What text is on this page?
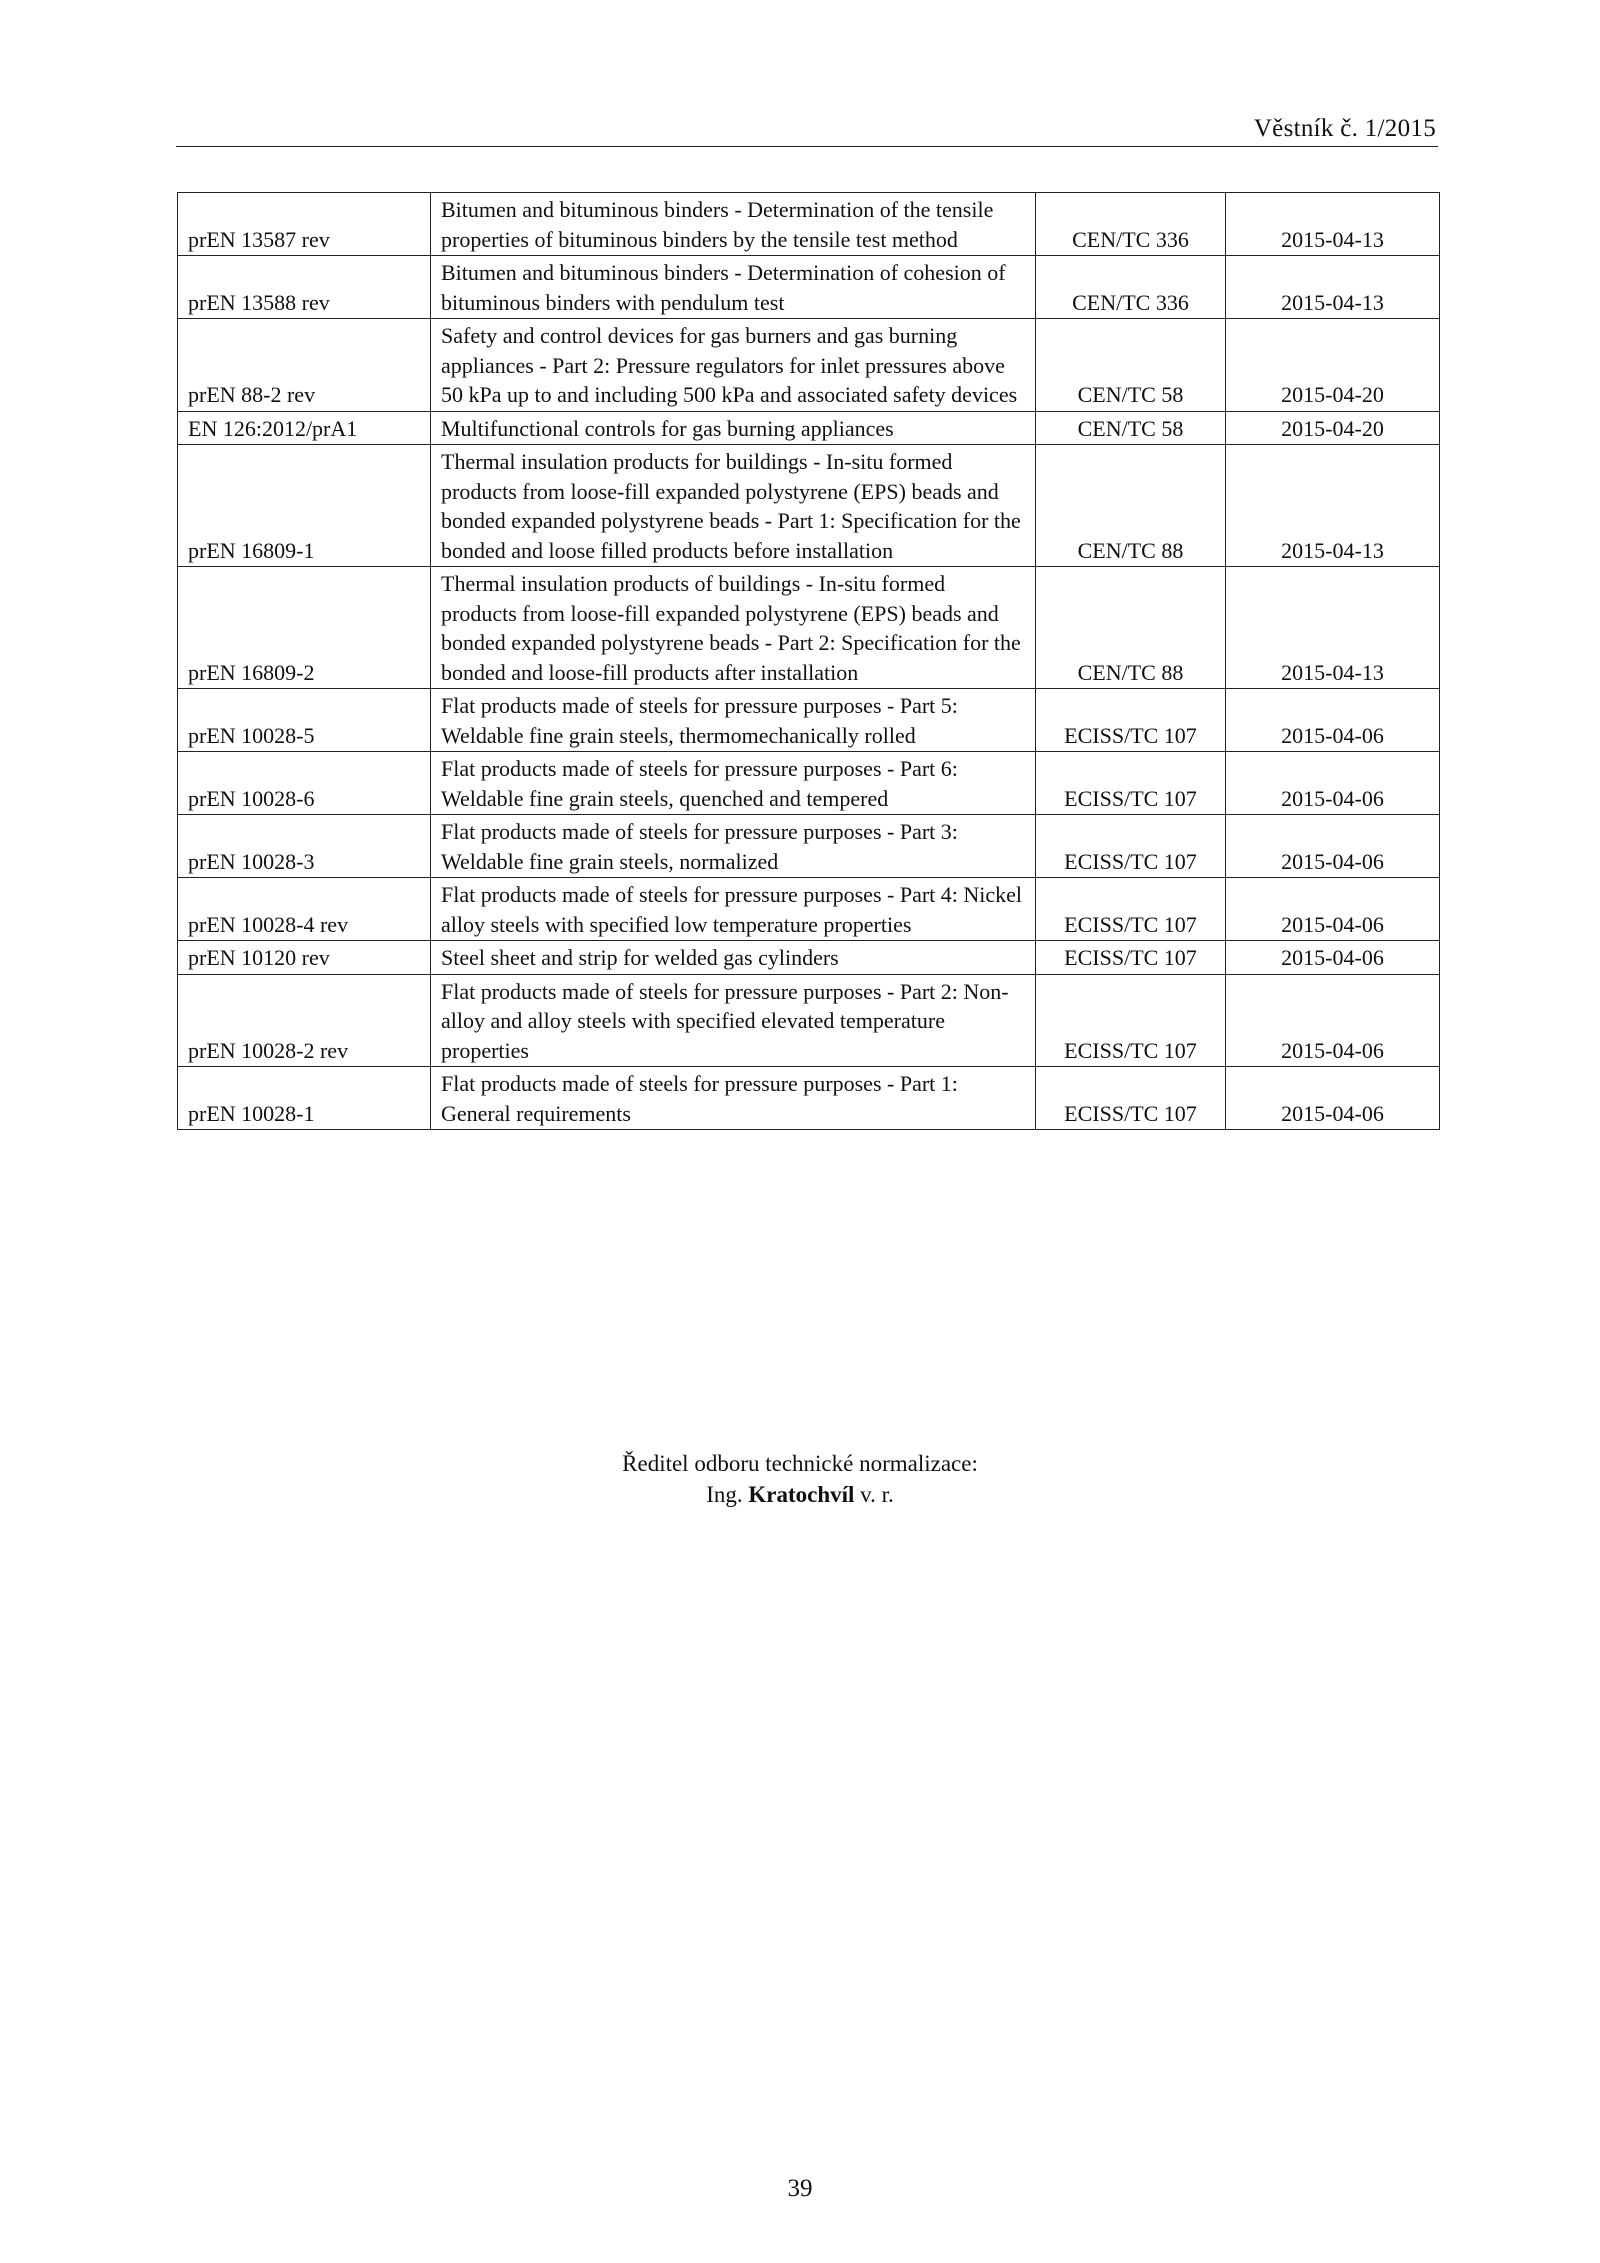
Věstník č. 1/2015
prEN 13587 rev	Bitumen and bituminous binders - Determination of the tensile properties of bituminous binders by the tensile test method	CEN/TC 336	2015-04-13
prEN 13588 rev	Bitumen and bituminous binders - Determination of cohesion of bituminous binders with pendulum test	CEN/TC 336	2015-04-13
prEN 88-2 rev	Safety and control devices for gas burners and gas burning appliances - Part 2: Pressure regulators for inlet pressures above 50 kPa up to and including 500 kPa and associated safety devices	CEN/TC 58	2015-04-20
EN 126:2012/prA1	Multifunctional controls for gas burning appliances	CEN/TC 58	2015-04-20
prEN 16809-1	Thermal insulation products for buildings - In-situ formed products from loose-fill expanded polystyrene (EPS) beads and bonded expanded polystyrene beads - Part 1: Specification for the bonded and loose filled products before installation	CEN/TC 88	2015-04-13
prEN 16809-2	Thermal insulation products of buildings - In-situ formed products from loose-fill expanded polystyrene (EPS) beads and bonded expanded polystyrene beads - Part 2: Specification for the bonded and loose-fill products after installation	CEN/TC 88	2015-04-13
prEN 10028-5	Flat products made of steels for pressure purposes - Part 5: Weldable fine grain steels, thermomechanically rolled	ECISS/TC 107	2015-04-06
prEN 10028-6	Flat products made of steels for pressure purposes - Part 6: Weldable fine grain steels, quenched and tempered	ECISS/TC 107	2015-04-06
prEN 10028-3	Flat products made of steels for pressure purposes - Part 3: Weldable fine grain steels, normalized	ECISS/TC 107	2015-04-06
prEN 10028-4 rev	Flat products made of steels for pressure purposes - Part 4: Nickel alloy steels with specified low temperature properties	ECISS/TC 107	2015-04-06
prEN 10120 rev	Steel sheet and strip for welded gas cylinders	ECISS/TC 107	2015-04-06
prEN 10028-2 rev	Flat products made of steels for pressure purposes - Part 2: Non-alloy and alloy steels with specified elevated temperature properties	ECISS/TC 107	2015-04-06
prEN 10028-1	Flat products made of steels for pressure purposes - Part 1: General requirements	ECISS/TC 107	2015-04-06
Ředitel odboru technické normalizace:
Ing. Kratochvíl v. r.
39
